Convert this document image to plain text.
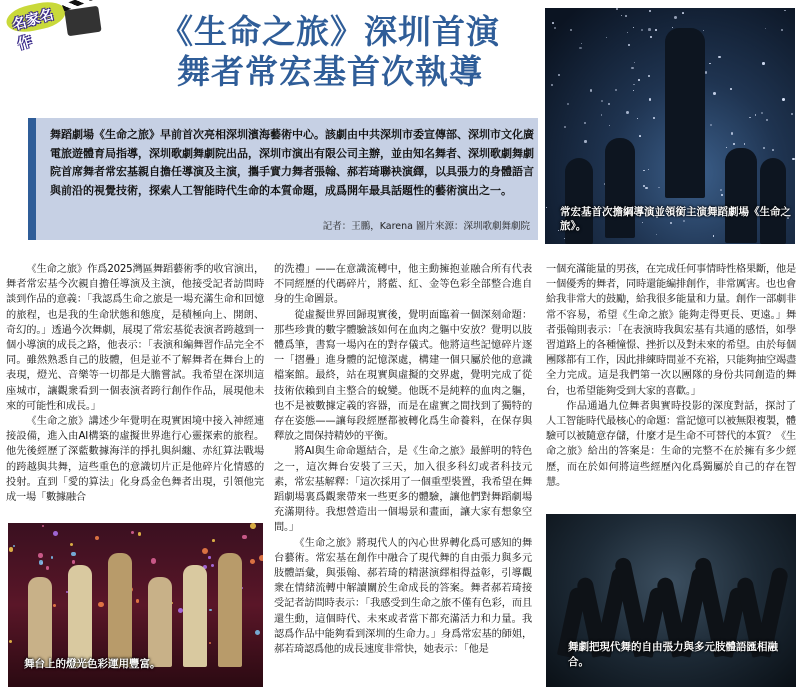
名家名作	《生命之旅》深圳首演
舞者常宏基首次執導
常宏基首次擔綱導演並領銜主演舞蹈劇場《生命之旅》。

舞蹈劇場《生命之旅》早前首次亮相深圳濱海藝術中心。該劇由中共深圳市委宣傳部、深圳市文化廣電旅遊體育局指導，深圳歌劇舞劇院出品，深圳市演出有限公司主辦，並由知名舞者、深圳歌劇舞劇院首席舞者常宏基親自擔任導演及主演，攜手實力舞者張翰、郝若琦聯袂演繹，以具張力的身體語言與前沿的視覺技術，探索人工智能時代生命的本質命題，成爲開年最具話題性的藝術演出之一。

記者：王鵬，Karena 圖片來源：深圳歌劇舞劇院

《生命之旅》作爲2025灣區舞蹈藝術季的收官演出，舞者常宏基今次親自擔任導演及主演，他接受記者訪問時談到作品的意義：「我認爲生命之旅是一場充滿生命和回憶的旅程，也是我的生命狀態和態度，是積極向上、開朗、奇幻的。」透過今次舞劇，展現了常宏基從表演者跨越到一個小導演的成長之路，他表示：「表演和編舞習作品完全不同。雖然熟悉自己的肢體，但是並不了解舞者在舞台上的表現，燈光、音樂等一切都是大膽嘗試。我希望在深圳這座城市，讓觀衆看到一個表演者跨行創作作品，展現他未來的可能性和成長。」

《生命之旅》講述少年覺明在現實困境中接入神經連接設備，進入由AI構築的虛擬世界進行心靈探索的旅程。他先後經歷了深藍數據海洋的掙扎與糾纏、赤紅算法戰場的跨越與共舞，這些重色的意識切片正是他碎片化情感的投射。直到「愛的算法」化身爲金色舞者出現，引領他完成一場「數據融合

的洗禮」——在意識流轉中，他主動擁抱並融合所有代表不同經歷的代碼碎片，將藍、紅、金等色彩全部整合進自身的生命圖景。

從虛擬世界回歸現實後，覺明面臨着一個深刻命題：那些珍貴的數字體驗該如何在血肉之軀中安放？覺明以肢體爲筆，書寫一場內在的對存儀式。他將這些記憶碎片逐一「摺疊」進身體的記憶深處，構建一個只屬於他的意識檔案館。最終，站在現實與虛擬的交界處，覺明完成了從技術依賴到自主整合的蛻變。他既不是純粹的血肉之軀，也不是被數據定義的容器，而是在虛實之間找到了獨特的存在姿態——讓每段經歷都被轉化爲生命養料，在保存與釋放之間保持精妙的平衡。

將AI與生命命題結合，是《生命之旅》最鮮明的特色之一，這次舞台安裝了三天，加入很多科幻或者科技元素，常宏基解釋：「這次採用了一個重型裝置，我希望在舞蹈劇場裏爲觀衆帶來一些更多的體驗，讓他們對舞蹈劇場充滿期待。我想營造出一個場景和畫面，讓大家有想象空間。」

《生命之旅》將現代人的內心世界轉化爲可感知的舞台藝術。常宏基在創作中融合了現代舞的自由張力與多元肢體語彙，與張翰、郝若琦的精湛演繹相得益彰，引導觀衆在情緒流轉中解讀關於生命成長的答案。舞者郝若琦接受記者訪問時表示：「我感受到生命之旅不僅有色彩，而且還生動，這個時代、未來或者當下都充滿活力和力量。我認爲作品中能夠看到深圳的生命力。」身爲常宏基的師姐，郝若琦認爲他的成長速度非常快，她表示：「他是

一個充滿能量的男孩，在完成任何事情時性格果斷，他是一個優秀的舞者，同時還能編排創作，非常厲害。也也會給我非常大的鼓勵，給我很多能量和力量。創作一部劇非常不容易，希望《生命之旅》能夠走得更長、更遠。」舞者張翰則表示：「在表演時我與宏基有共通的感悟，如學習道路上的各種憧憬、挫折以及對未來的希望。由於每個團隊都有工作，因此排練時間並不充裕，只能夠抽空竭盡全力完成。這是我們第一次以團隊的身份共同創造的舞台，也希望能夠受到大家的喜歡。」

作品通過九位舞者與實時投影的深度對話，探討了人工智能時代最核心的命題：當記憶可以被無限複製，體驗可以被隨意存儲，什麼才是生命不可替代的本質？《生命之旅》給出的答案是：生命的完整不在於擁有多少經歷，而在於如何將這些經歷內化爲獨屬於自己的存在智慧。

舞台上的燈光色彩運用豐富。
舞劇把現代舞的自由張力與多元肢體語匯相融合。
